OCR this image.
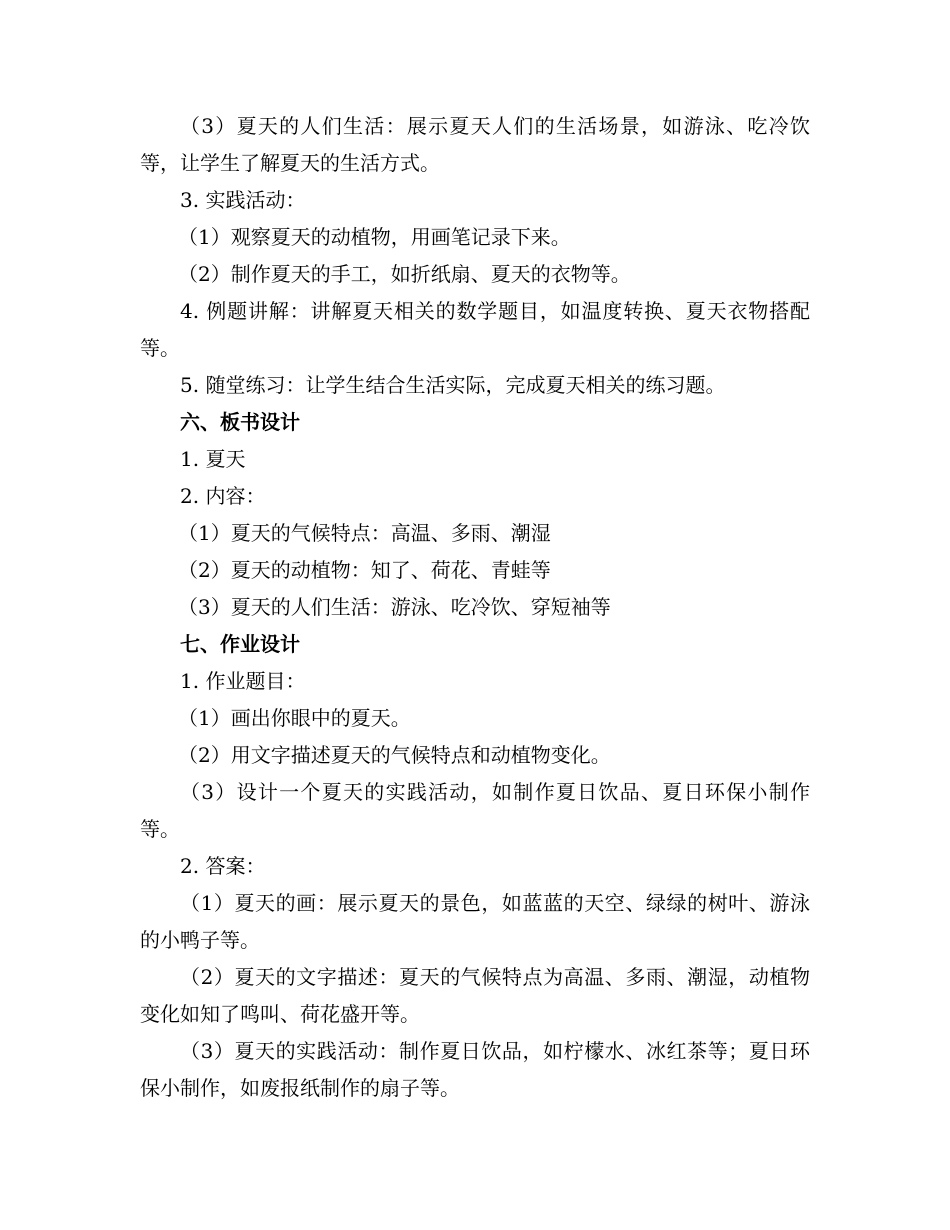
（3）夏天的人们生活：展示夏天人们的生活场景，如游泳、吃冷饮等，让学生了解夏天的生活方式。

3. 实践活动：

（1）观察夏天的动植物，用画笔记录下来。

（2）制作夏天的手工，如折纸扇、夏天的衣物等。

4. 例题讲解：讲解夏天相关的数学题目，如温度转换、夏天衣物搭配等。

5. 随堂练习：让学生结合生活实际，完成夏天相关的练习题。

六、板书设计

1. 夏天

2. 内容：

（1）夏天的气候特点：高温、多雨、潮湿

（2）夏天的动植物：知了、荷花、青蛙等

（3）夏天的人们生活：游泳、吃冷饮、穿短袖等

七、作业设计

1. 作业题目：

（1）画出你眼中的夏天。

（2）用文字描述夏天的气候特点和动植物变化。

（3）设计一个夏天的实践活动，如制作夏日饮品、夏日环保小制作等。

2. 答案：

（1）夏天的画：展示夏天的景色，如蓝蓝的天空、绿绿的树叶、游泳的小鸭子等。

（2）夏天的文字描述：夏天的气候特点为高温、多雨、潮湿，动植物变化如知了鸣叫、荷花盛开等。

（3）夏天的实践活动：制作夏日饮品，如柠檬水、冰红茶等；夏日环保小制作，如废报纸制作的扇子等。
